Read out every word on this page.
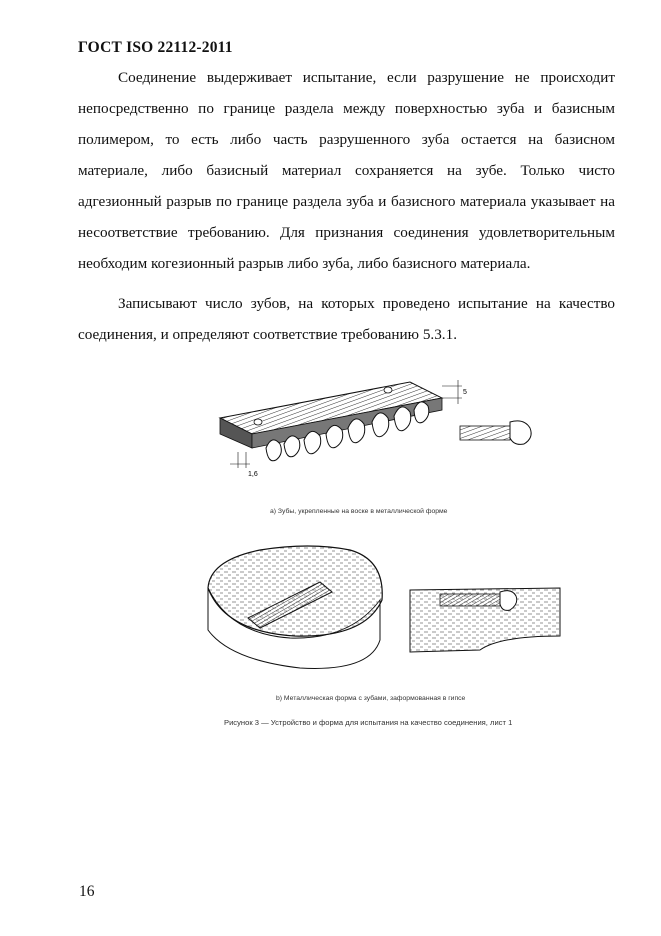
ГОСТ ISO 22112-2011

Соединение выдерживает испытание, если разрушение не происходит непосредственно по границе раздела между поверхностью зуба и базисным полимером, то есть либо часть разрушенного зуба остается на базисном материале, либо базисный материал сохраняется на зубе. Только чисто адгезионный разрыв по границе раздела зуба и базисного материала указывает на несоответствие требованию. Для признания соединения удовлетворительным необходим когезионный разрыв либо зуба, либо базисного материала.

Записывают число зубов, на которых проведено испытание на качество соединения, и определяют соответствие требованию 5.3.1.

5
1,6
a) Зубы, укрепленные на воске в металлической форме
b) Металлическая форма с зубами, заформованная в гипсе
Рисунок 3 — Устройство и форма для испытания на качество соединения, лист 1
16
